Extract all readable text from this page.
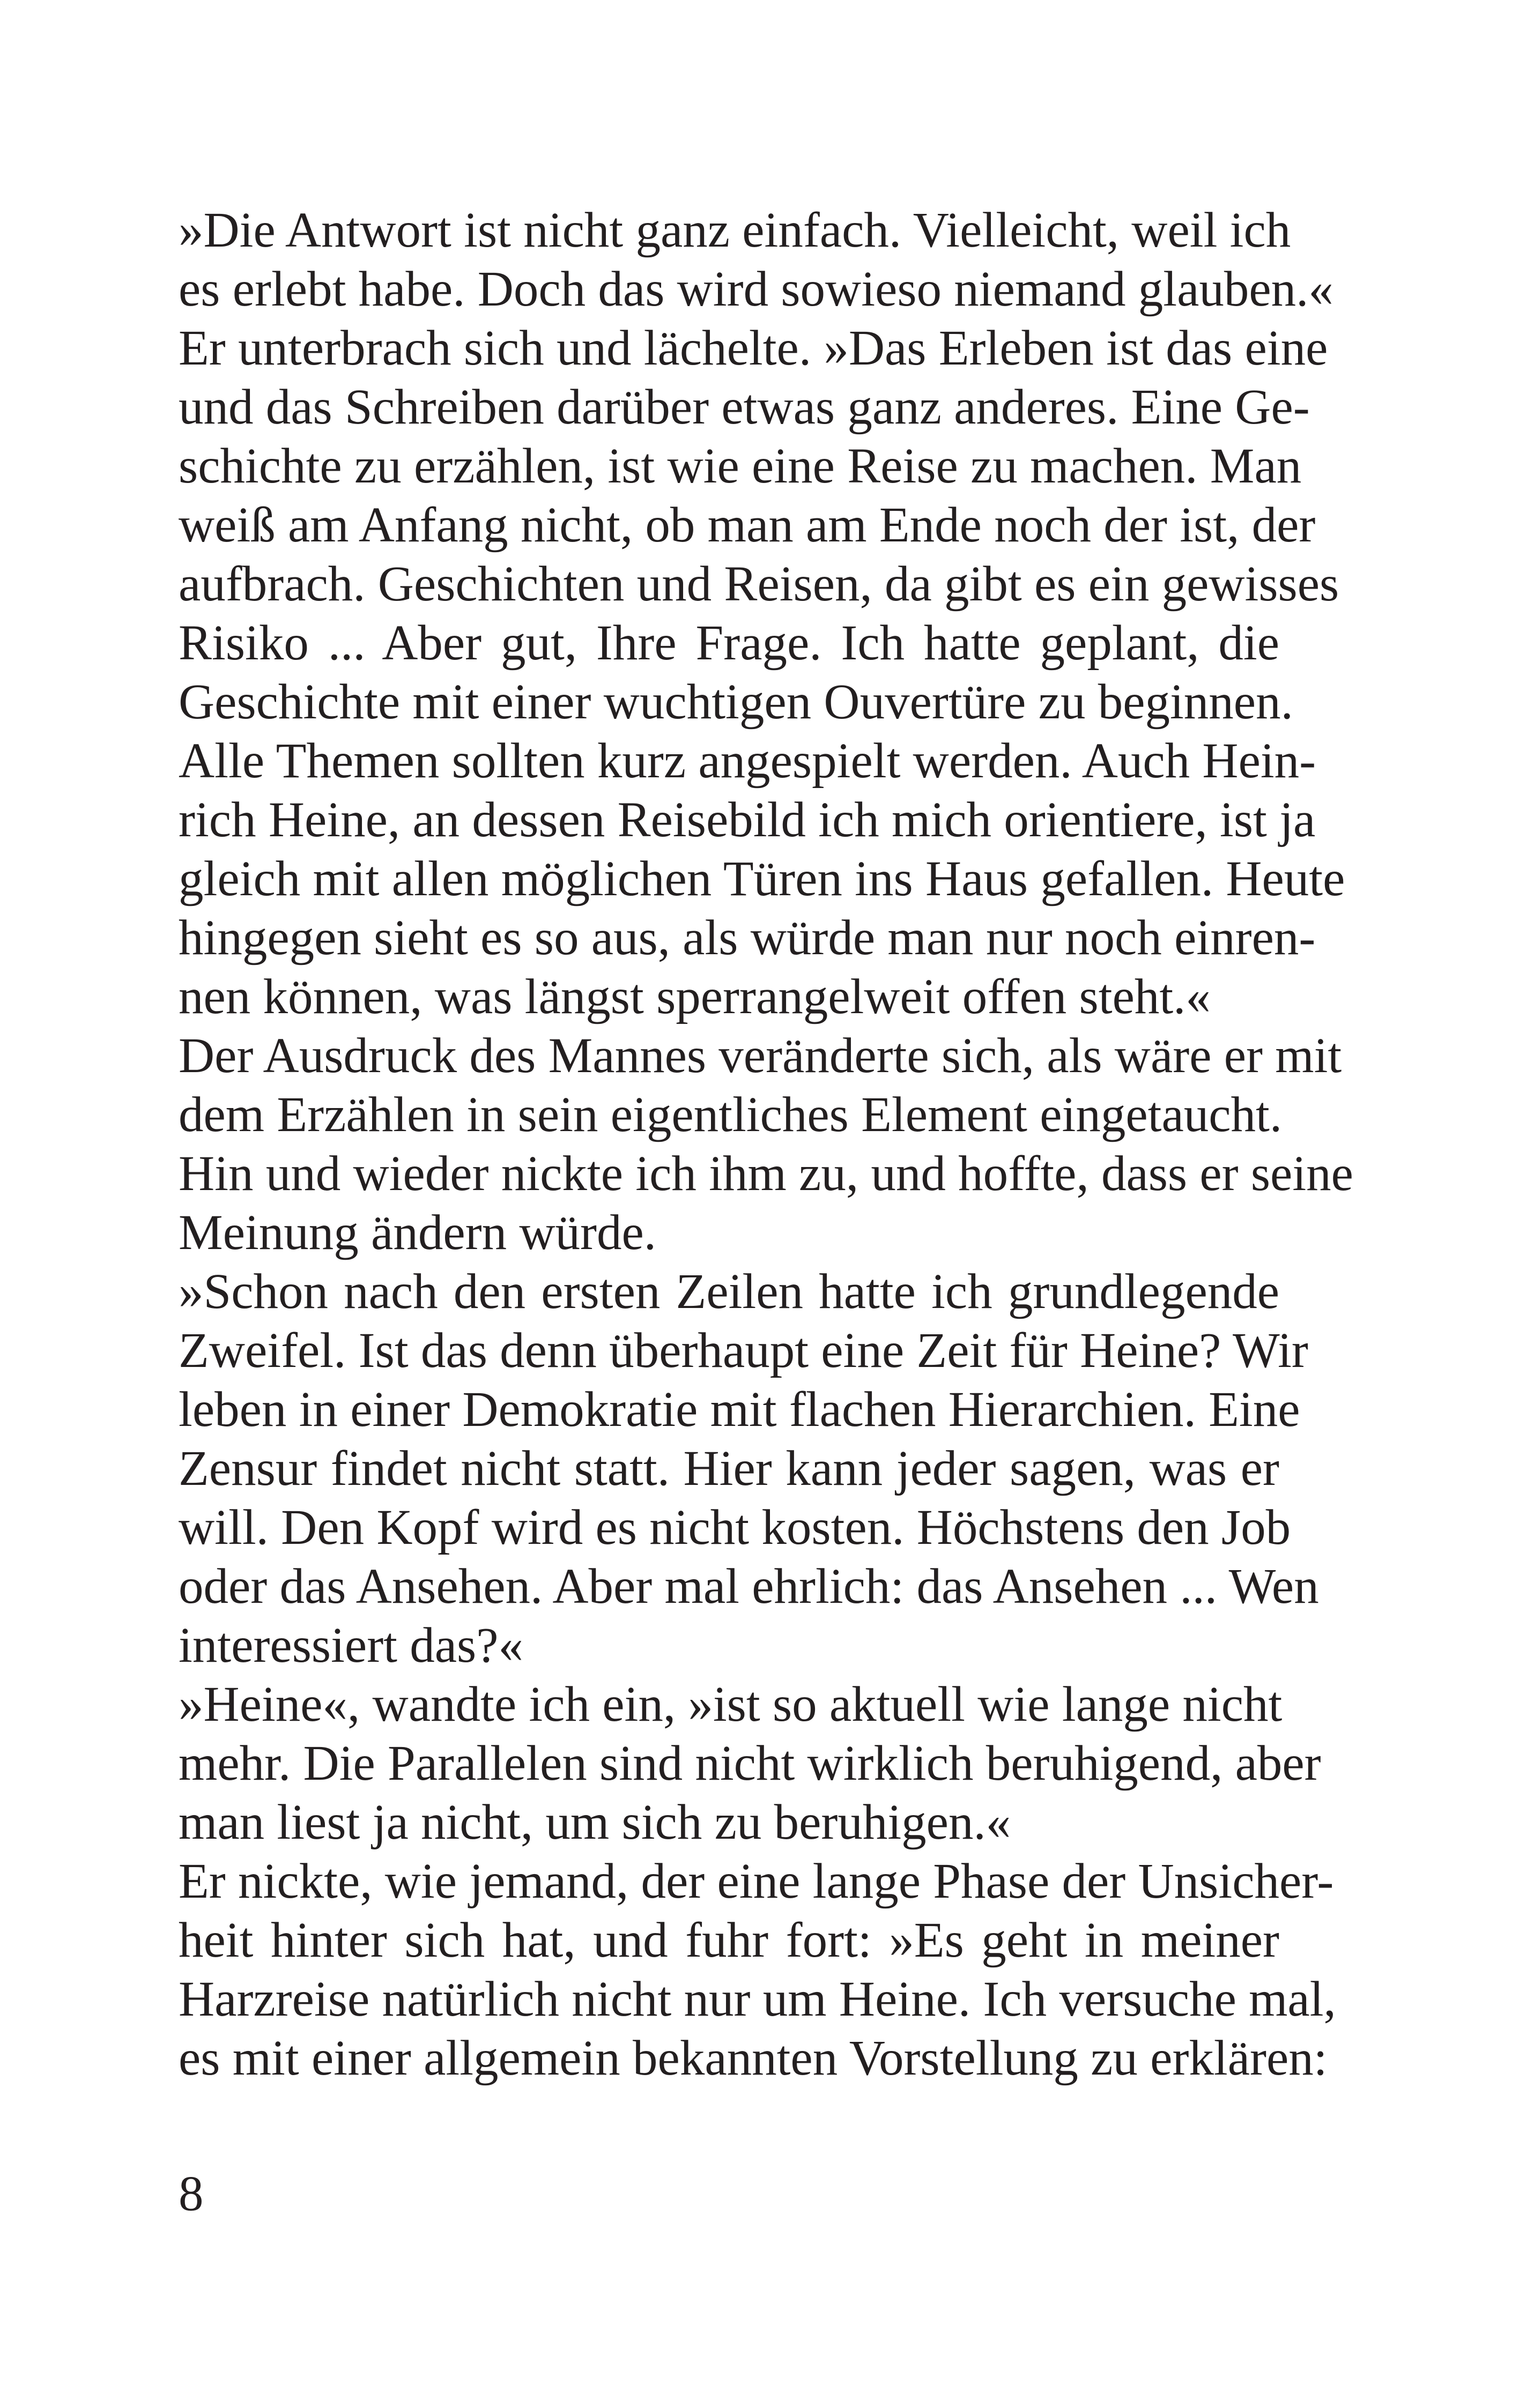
»Die Antwort ist nicht ganz einfach. Vielleicht, weil ich
es erlebt habe. Doch das wird sowieso niemand glauben.«
Er unterbrach sich und lächelte. »Das Erleben ist das eine
und das Schreiben darüber etwas ganz anderes. Eine Ge-
schichte zu erzählen, ist wie eine Reise zu machen. Man
weiß am Anfang nicht, ob man am Ende noch der ist, der
aufbrach. Geschichten und Reisen, da gibt es ein gewisses
Risiko ... Aber gut, Ihre Frage. Ich hatte geplant, die
Geschichte mit einer wuchtigen Ouvertüre zu beginnen.
Alle Themen sollten kurz angespielt werden. Auch Hein-
rich Heine, an dessen Reisebild ich mich orientiere, ist ja
gleich mit allen möglichen Türen ins Haus gefallen. Heute
hingegen sieht es so aus, als würde man nur noch einren-
nen können, was längst sperrangelweit offen steht.«
Der Ausdruck des Mannes veränderte sich, als wäre er mit
dem Erzählen in sein eigentliches Element eingetaucht.
Hin und wieder nickte ich ihm zu, und hoffte, dass er seine
Meinung ändern würde.
»Schon nach den ersten Zeilen hatte ich grundlegende
Zweifel. Ist das denn überhaupt eine Zeit für Heine? Wir
leben in einer Demokratie mit flachen Hierarchien. Eine
Zensur findet nicht statt. Hier kann jeder sagen, was er
will. Den Kopf wird es nicht kosten. Höchstens den Job
oder das Ansehen. Aber mal ehrlich: das Ansehen ... Wen
interessiert das?«
»Heine«, wandte ich ein, »ist so aktuell wie lange nicht
mehr. Die Parallelen sind nicht wirklich beruhigend, aber
man liest ja nicht, um sich zu beruhigen.«
Er nickte, wie jemand, der eine lange Phase der Unsicher-
heit hinter sich hat, und fuhr fort: »Es geht in meiner
Harzreise natürlich nicht nur um Heine. Ich versuche mal,
es mit einer allgemein bekannten Vorstellung zu erklären:
8
